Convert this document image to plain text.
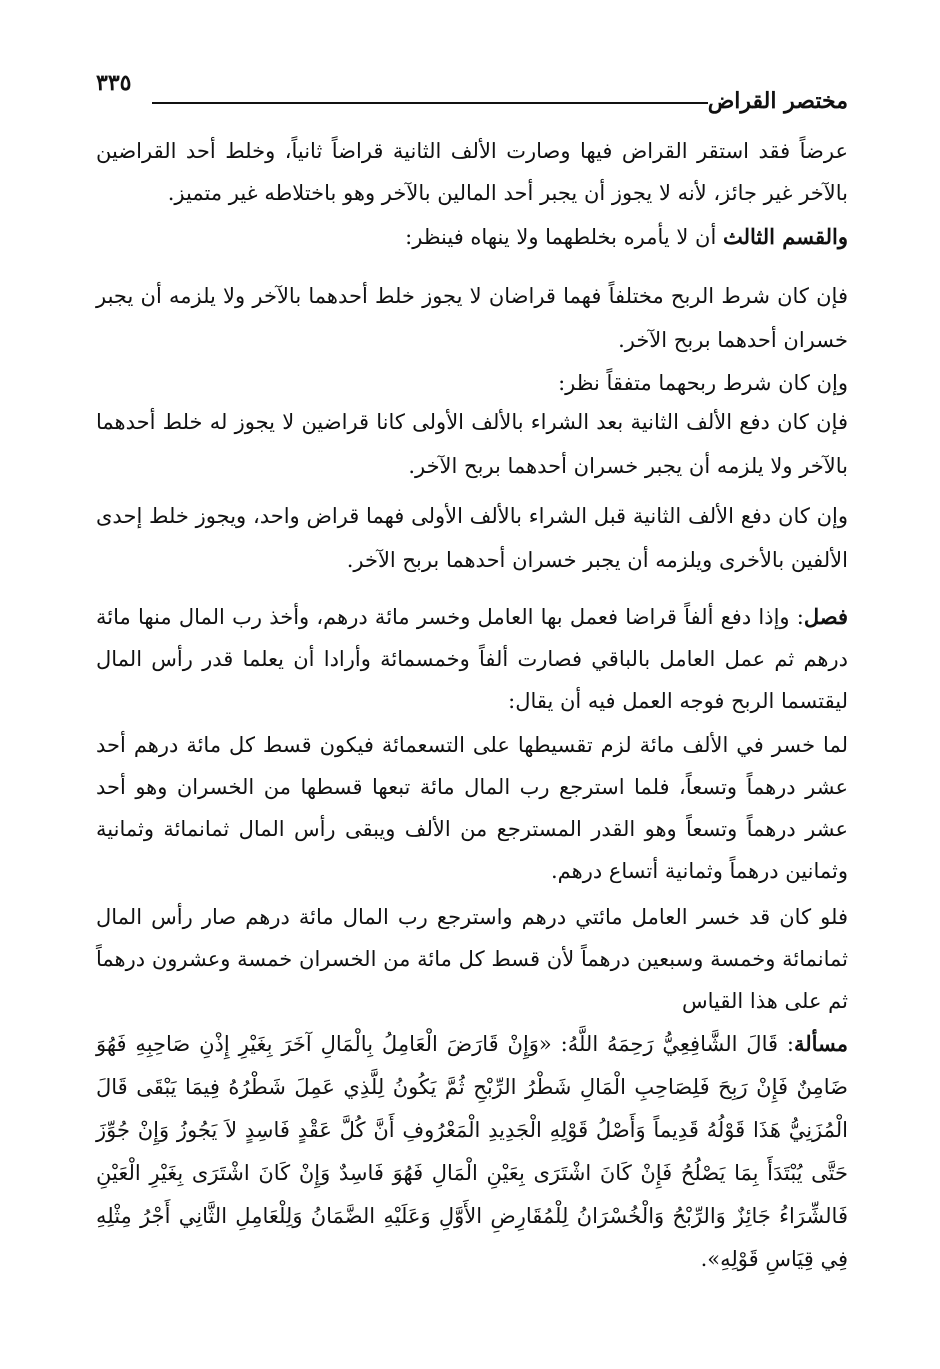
مختصر القراض
٣٣٥

عرضاً فقد استقر القراض فيها وصارت الألف الثانية قراضاً ثانياً، وخلط أحد القراضين بالآخر غير جائز، لأنه لا يجوز أن يجبر أحد المالين بالآخر وهو باختلاطه غير متميز.

والقسم الثالث أن لا يأمره بخلطهما ولا ينهاه فينظر:

فإن كان شرط الربح مختلفاً فهما قراضان لا يجوز خلط أحدهما بالآخر ولا يلزمه أن يجبر خسران أحدهما بربح الآخر.

وإن كان شرط ربحهما متفقاً نظر:

فإن كان دفع الألف الثانية بعد الشراء بالألف الأولى كانا قراضين لا يجوز له خلط أحدهما بالآخر ولا يلزمه أن يجبر خسران أحدهما بربح الآخر.

وإن كان دفع الألف الثانية قبل الشراء بالألف الأولى فهما قراض واحد، ويجوز خلط إحدى الألفين بالأخرى ويلزمه أن يجبر خسران أحدهما بربح الآخر.

فصل: وإذا دفع ألفاً قراضا فعمل بها العامل وخسر مائة درهم، وأخذ رب المال منها مائة درهم ثم عمل العامل بالباقي فصارت ألفاً وخمسمائة وأرادا أن يعلما قدر رأس المال ليقتسما الربح فوجه العمل فيه أن يقال:

لما خسر في الألف مائة لزم تقسيطها على التسعمائة فيكون قسط كل مائة درهم أحد عشر درهماً وتسعاً، فلما استرجع رب المال مائة تبعها قسطها من الخسران وهو أحد عشر درهماً وتسعاً وهو القدر المسترجع من الألف ويبقى رأس المال ثمانمائة وثمانية وثمانين درهماً وثمانية أتساع درهم.

فلو كان قد خسر العامل مائتي درهم واسترجع رب المال مائة درهم صار رأس المال ثمانمائة وخمسة وسبعين درهماً لأن قسط كل مائة من الخسران خمسة وعشرون درهماً ثم على هذا القياس

مسألة: قَالَ الشَّافِعِيُّ رَحِمَهُ اللَّهُ: «وَإِنْ قَارَضَ الْعَامِلُ بِالْمَالِ آخَرَ بِغَيْرِ إِذْنِ صَاحِبِهِ فَهُوَ ضَامِنٌ فَإِنْ رَبِحَ فَلِصَاحِبِ الْمَالِ شَطْرُ الرِّبْحِ ثُمَّ يَكُونُ لِلَّذِي عَمِلَ شَطْرُهُ فِيمَا يَبْقَى قَالَ الْمُزَنِيُّ هَذَا قَوْلُهُ قَدِيماً وَأَصْلُ قَوْلِهِ الْجَدِيدِ الْمَعْرُوفِ أَنَّ كُلَّ عَقْدٍ فَاسِدٍ لاَ يَجُوزُ وَإِنْ جُوِّزَ حَتَّى يُبْتَدَأَ بِمَا يَصْلُحُ فَإِنْ كَانَ اشْتَرَى بِعَيْنِ الْمَالِ فَهُوَ فَاسِدٌ وَإِنْ كَانَ اشْتَرَى بِغَيْرِ الْعَيْنِ فَالشِّرَاءُ جَائِزٌ وَالرِّبْحُ وَالْخُسْرَانُ لِلْمُقَارِضِ الأَوَّلِ وَعَلَيْهِ الضَّمَانُ وَلِلْعَامِلِ الثَّانِي أَجْرُ مِثْلِهِ فِي قِيَاسِ قَوْلِهِ».
